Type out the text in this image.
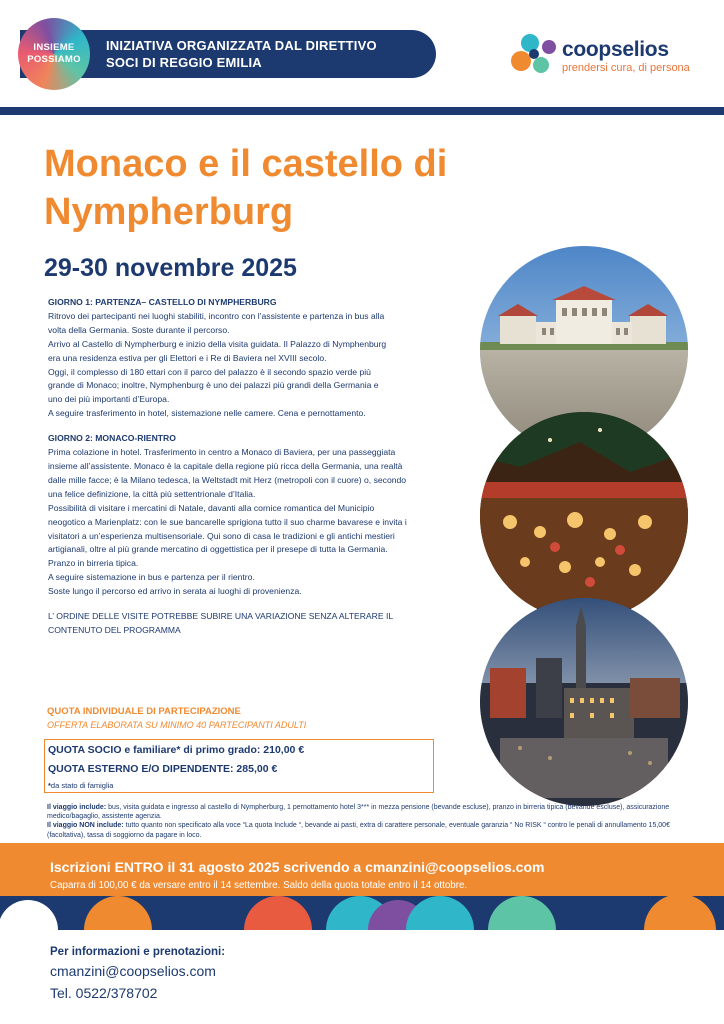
INSIEME
POSSIAMO
INIZIATIVA ORGANIZZATA DAL DIRETTIVO
SOCI DI REGGIO EMILIA
coopselios
prendersi cura, di persona
Monaco e il castello di
Nympherburg
29-30 novembre 2025

GIORNO 1: PARTENZA– CASTELLO DI NYMPHERBURG

Ritrovo dei partecipanti nei luoghi stabiliti, incontro con l’assistente e partenza in bus alla

volta della Germania. Soste durante il percorso.

Arrivo al Castello di Nympherburg e inizio della visita guidata. Il Palazzo di Nymphenburg

era una residenza estiva per gli Elettori e i Re di Baviera nel XVIII secolo.

Oggi, il complesso di 180 ettari con il parco del palazzo è il secondo spazio verde più

grande di Monaco; inoltre, Nymphenburg è uno dei palazzi più grandi della Germania e

uno dei più importanti d’Europa.

A seguire trasferimento in hotel, sistemazione nelle camere. Cena e pernottamento.

GIORNO 2: MONACO-RIENTRO

Prima colazione in hotel. Trasferimento in centro a Monaco di Baviera, per una passeggiata

insieme all’assistente. Monaco è la capitale della regione più ricca della Germania, una realtà

dalle mille facce; è la Milano tedesca, la Weltstadt mit Herz (metropoli con il cuore) o, secondo

una felice definizione, la città più settentrionale d’Italia.

Possibilità di visitare i mercatini di Natale, davanti alla cornice romantica del Municipio

neogotico a Marienplatz: con le sue bancarelle sprigiona tutto il suo charme bavarese e invita i

visitatori a un’esperienza multisensoriale. Qui sono di casa le tradizioni e gli antichi mestieri

artigianali, oltre al più grande mercatino di oggettistica per il presepe di tutta la Germania.

Pranzo in birreria tipica.

A seguire sistemazione in bus e partenza per il rientro.

Soste lungo il percorso ed arrivo in serata ai luoghi di provenienza.

L’ ORDINE DELLE VISITE POTREBBE SUBIRE UNA VARIAZIONE SENZA ALTERARE IL

CONTENUTO DEL PROGRAMMA

QUOTA INDIVIDUALE DI PARTECIPAZIONE
OFFERTA ELABORATA SU MINIMO 40 PARTECIPANTI ADULTI
QUOTA SOCIO e familiare* di primo grado: 210,00 €
QUOTA ESTERNO E/O DIPENDENTE: 285,00 €
*da stato di famiglia
Il viaggio include: bus, visita guidata e ingresso al castello di Nympherburg, 1 pernottamento hotel 3*** in mezza pensione (bevande escluse), pranzo in birreria tipica (bevande escluse), assicurazione medico/bagaglio, assistente agenzia.
Il viaggio NON include: tutto quanto non specificato alla voce “La quota Include “, bevande ai pasti, extra di carattere personale, eventuale garanzia “ No RISK “ contro le penali di annullamento 15,00€ (facoltativa), tassa di soggiorno da pagare in loco.
Iscrizioni ENTRO il 31 agosto 2025 scrivendo a cmanzini@coopselios.com
Caparra di 100,00 € da versare entro il 14 settembre. Saldo della quota totale entro il 14 ottobre.
Per informazioni e prenotazioni:
cmanzini@coopselios.com
Tel. 0522/378702
